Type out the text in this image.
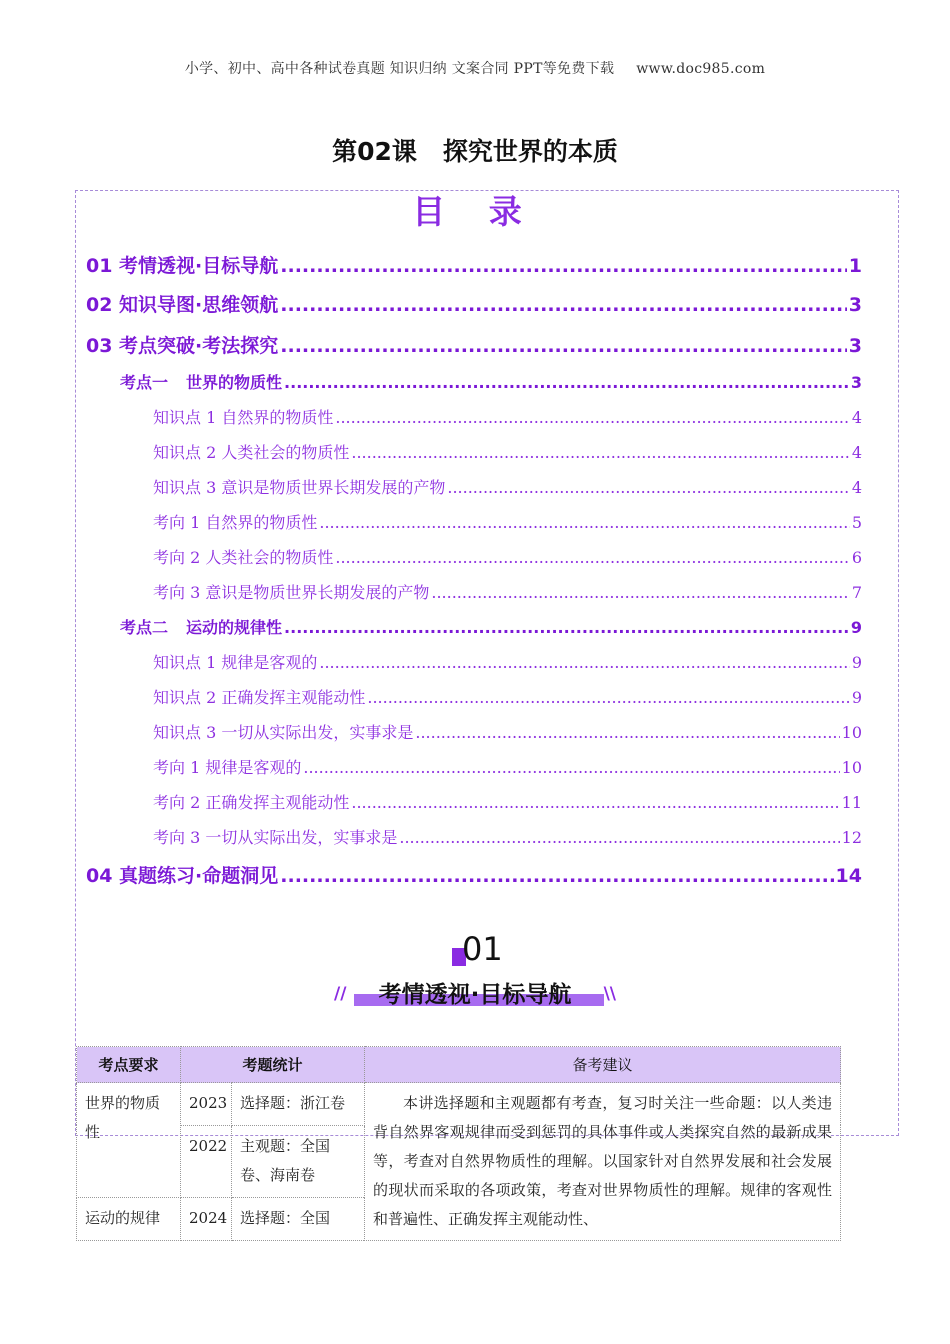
小学、初中、高中各种试卷真题 知识归纳 文案合同 PPT等免费下载 www.doc985.com
第02课 探究世界的本质
目 录
01 考情透视·目标导航 .....	1
02 知识导图·思维领航 .....	3
03 考点突破·考法探究 .....	3
考点一 世界的物质性 .....	3
知识点 1 自然界的物质性 .....	4
知识点 2 人类社会的物质性 .....	4
知识点 3 意识是物质世界长期发展的产物 .....	4
考向 1 自然界的物质性 .....	5
考向 2 人类社会的物质性 .....	6
考向 3 意识是物质世界长期发展的产物 .....	7
考点二 运动的规律性 .....	9
知识点 1 规律是客观的 .....	9
知识点 2 正确发挥主观能动性 .....	9
知识点 3 一切从实际出发，实事求是 .....	10
考向 1 规律是客观的 .....	10
考向 2 正确发挥主观能动性 .....	11
考向 3 一切从实际出发，实事求是 .....	12
04 真题练习·命题洞见 .....	14
01
//	考情透视·目标导航	\\
考点要求	考题统计		备考建议
世界的物质性	2023	选择题：浙江卷	本讲选择题和主观题都有考查，复习时关注一些命题：以人类违背自然界客观规律而受到惩罚的具体事件或人类探究自然的最新成果等，考查对自然界物质性的理解。以国家针对自然界发展和社会发展的现状而采取的各项政策，考查对世界物质性的理解。规律的客观性和普遍性、正确发挥主观能动性、
	2022	主观题：全国卷、海南卷	
运动的规律	2024	选择题：全国	
